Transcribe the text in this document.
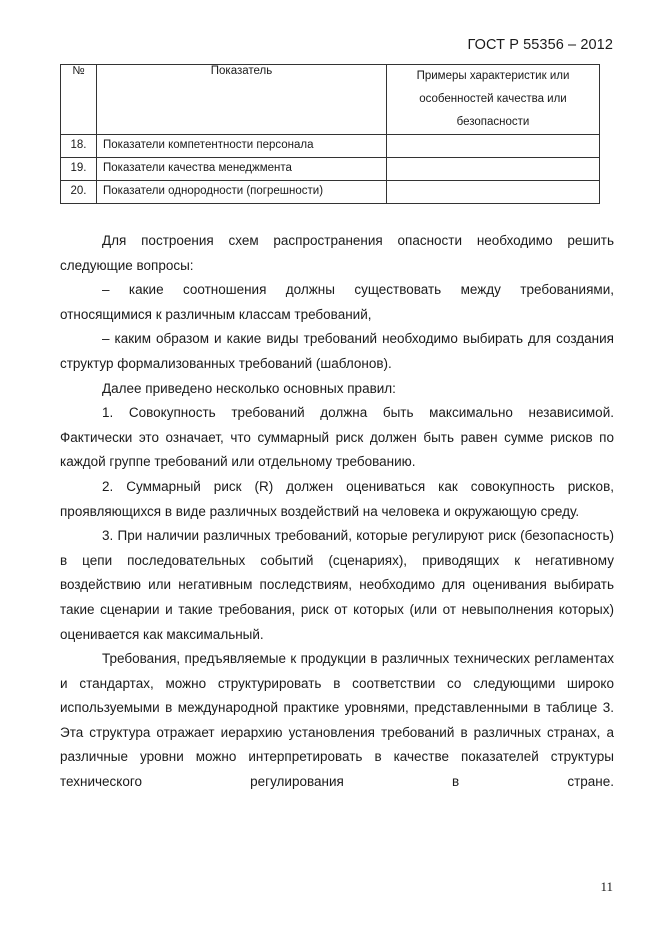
ГОСТ Р 55356 – 2012
№	Показатель	Примеры характеристик или особенностей качества или безопасности
18.	Показатели компетентности персонала	
19.	Показатели качества менеджмента	
20.	Показатели однородности (погрешности)	

Для построения схем распространения опасности необходимо решить следующие вопросы:

– какие соотношения должны существовать между требованиями, относящимися к различным классам требований,

– каким образом и какие виды требований необходимо выбирать для создания структур формализованных требований (шаблонов).

Далее приведено несколько основных правил:

1. Совокупность требований должна быть максимально независимой. Фактически это означает, что суммарный риск должен быть равен сумме рисков по каждой группе требований или отдельному требованию.

2. Суммарный риск (R) должен оцениваться как совокупность рисков, проявляющихся в виде различных воздействий на человека и окружающую среду.

3. При наличии различных требований, которые регулируют риск (безопасность) в цепи последовательных событий (сценариях), приводящих к негативному воздействию или негативным последствиям, необходимо для оценивания выбирать такие сценарии и такие требования, риск от которых (или от невыполнения которых) оценивается как максимальный.

Требования, предъявляемые к продукции в различных технических регламентах и стандартах, можно структурировать в соответствии со следующими широко используемыми в международной практике уровнями, представленными в таблице 3. Эта структура отражает иерархию установления требований в различных странах, а различные уровни можно интерпретировать в качестве показателей структуры технического регулирования в стране.

11
